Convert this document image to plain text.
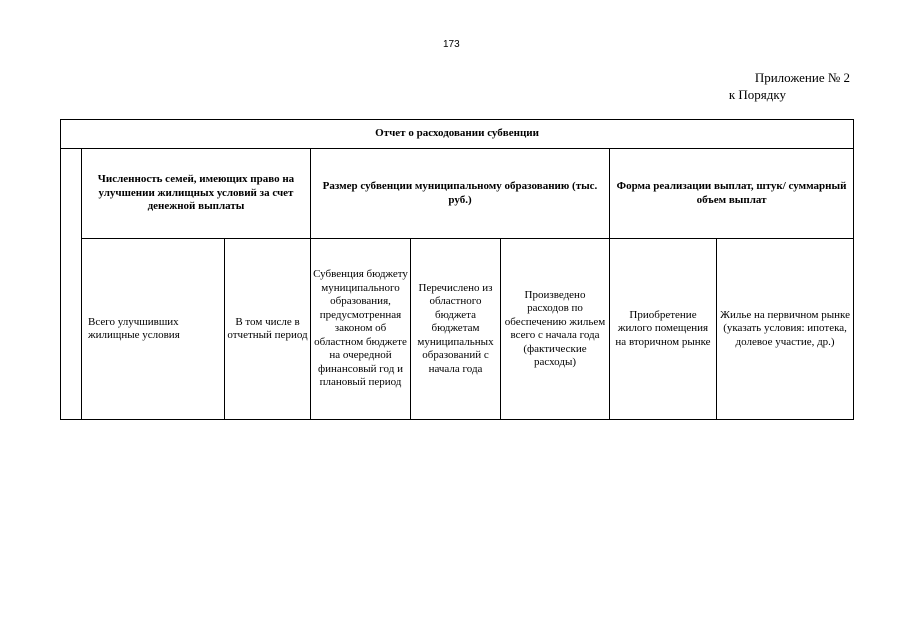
173
Приложение № 2
к Порядку
Отчет о расходовании субвенции							
	Численность семей, имеющих право на улучшении жилищных условий за счет денежной выплаты		Размер субвенции муниципальному образованию (тыс. руб.)			Форма реализации выплат, штук/ суммарный объем выплат	
	Всего улучшивших жилищные условия	В том числе в отчетный период	Субвенция бюджету муниципального образования, предусмотренная законом об областном бюджете на очередной финансовый год и плановый период	Перечислено из областного бюджета бюджетам муниципальных образований с начала года	Произведено расходов по обеспечению жильем всего с начала года (фактические расходы)	Приобретение жилого помещения на вторичном рынке	Жилье на первичном рынке (указать условия: ипотека, долевое участие, др.)
